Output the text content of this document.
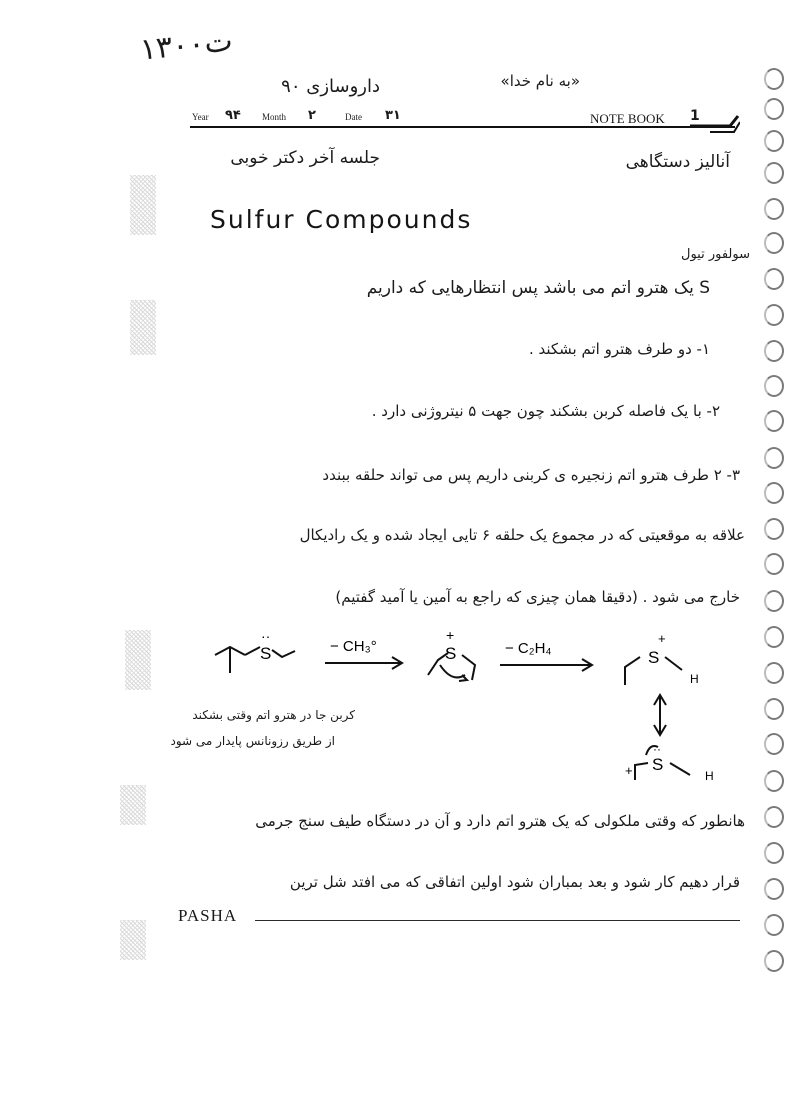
۱۳۰۰ت
«به نام خدا»
داروسازی ۹۰
Year ۹۴ Month ۲	Date ۳۱	NOTE BOOK 1
آنالیز دستگاهی
جلسه آخر دکتر خوبی
Sulfur Compounds
سولفور تیول
S یک هترو اتم می باشد پس انتظارهایی که داریم
۱- دو طرف هترو اتم بشکند .
۲- با یک فاصله کربن بشکند چون جهت ۵ نیتروژنی دارد .
۳- ۲ طرف هترو اتم زنجیره ی کربنی داریم پس می تواند حلقه ببندد
علاقه به موقعیتی که در مجموع یک حلقه ۶ تایی ایجاد شده و یک رادیکال
خارج می شود . (دقیقا همان چیزی که راجع به آمین یا آمید گفتیم)
S
··
− CH₃°	S
+
− C₂H₄	S
+
H
S
··
+	H
کربن جا در هترو اتم وقتی بشکند
از طریق رزونانس پایدار می شود
هانطور که وقتی ملکولی که یک هترو اتم دارد و آن در دستگاه طیف سنج جرمی
قرار دهیم کار شود و بعد بمباران شود اولین اتفاقی که می افتد شل ترین
PASHA
